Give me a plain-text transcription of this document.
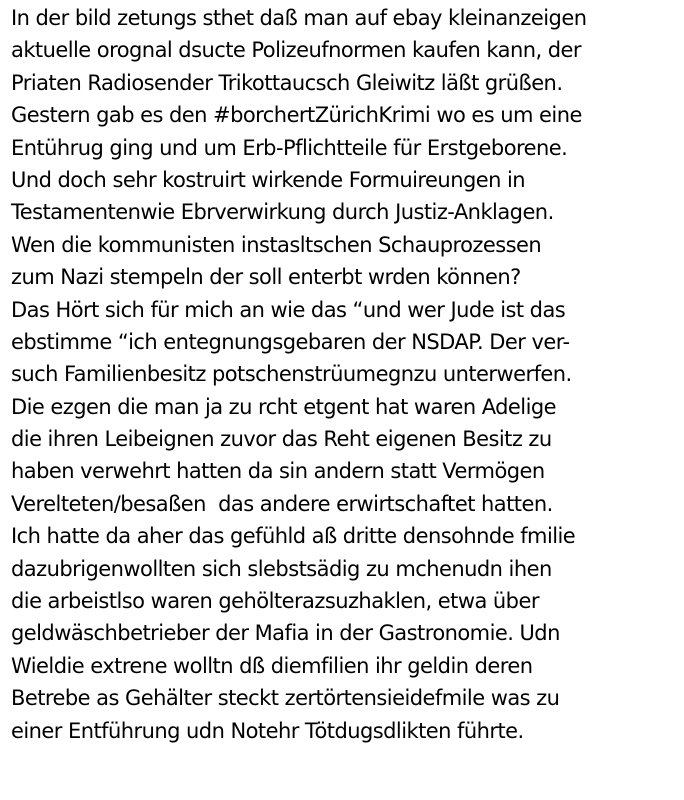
In der bild zetungs sthet daß man auf ebay kleinanzeigen
aktuelle orognal dsucte Polizeufnormen kaufen kann, der
Priaten Radiosender Trikottaucsch Gleiwitz läßt grüßen.
Gestern gab es den #borchertZürichKrimi wo es um eine
Entührug ging und um Erb-Pflichtteile für Erstgeborene.
Und doch sehr kostruirt wirkende Formuireungen in
Testamentenwie Ebrverwirkung durch Justiz-Anklagen.
Wen die kommunisten instasltschen Schauprozessen
zum Nazi stempeln der soll enterbt wrden können?
Das Hört sich für mich an wie das “und wer Jude ist das
ebstimme “ich entegnungsgebaren der NSDAP. Der ver-
such Familienbesitz potschenstrüumegnzu unterwerfen.
Die ezgen die man ja zu rcht etgent hat waren Adelige
die ihren Leibeignen zuvor das Reht eigenen Besitz zu
haben verwehrt hatten da sin andern statt Vermögen
Verelteten/besaßen  das andere erwirtschaftet hatten.
Ich hatte da aher das gefühld aß dritte densohnde fmilie
dazubrigenwollten sich slebstsädig zu mchenudn ihen
die arbeistlso waren gehölterazsuzhaklen, etwa über
geldwäschbetrieber der Mafia in der Gastronomie. Udn
Wieldie extrene wolltn dß diemfilien ihr geldin deren
Betrebe as Gehälter steckt zertörtensieidefmile was zu
einer Entführung udn Notehr Tötdugsdlikten führte.
